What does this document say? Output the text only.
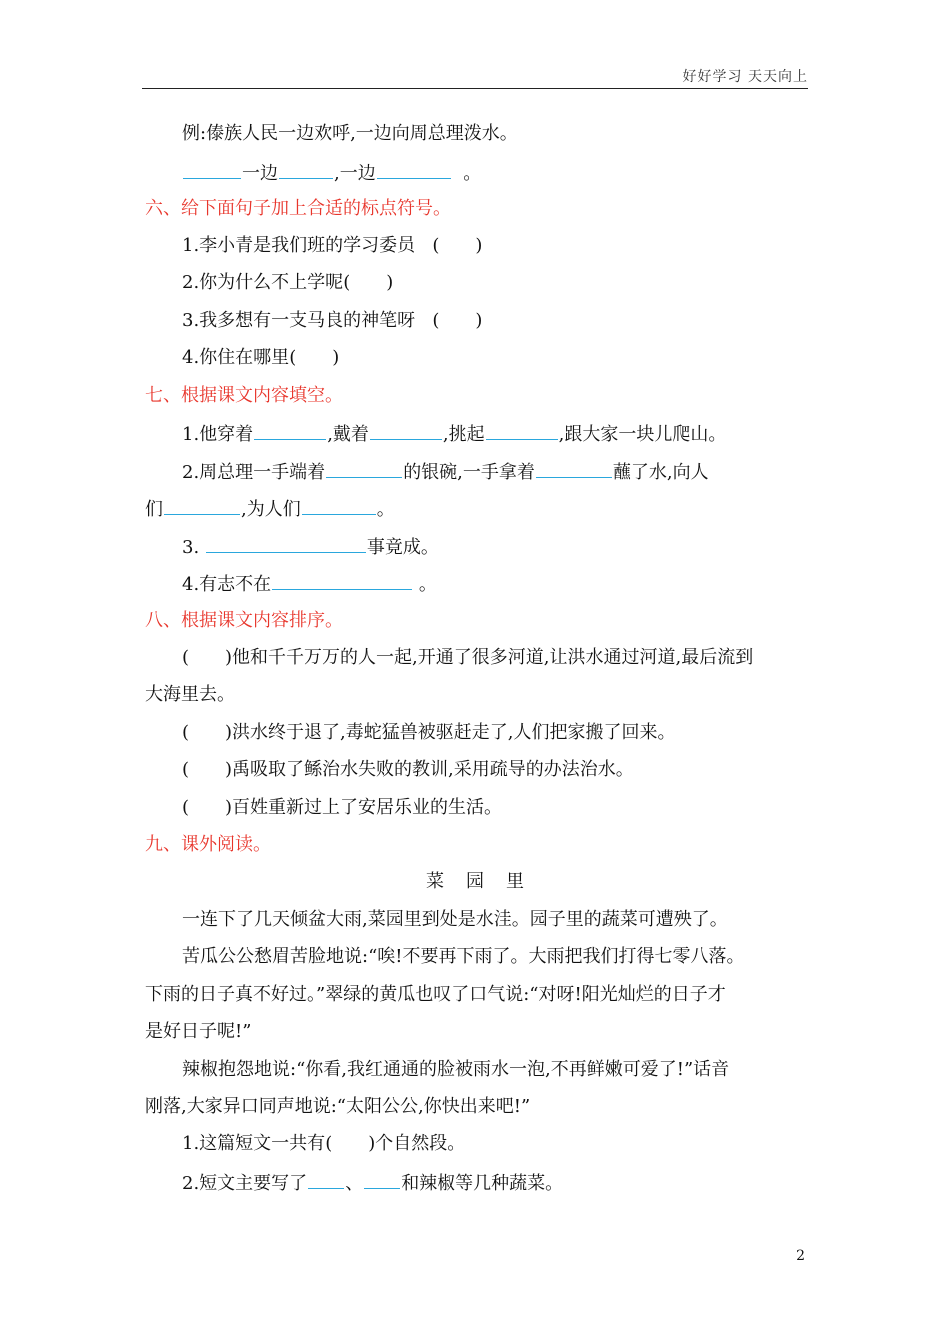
好好学习 天天向上
例:傣族人民一边欢呼,一边向周总理泼水。
一边	,一边	。
六、给下面句子加上合适的标点符号。
1.李小青是我们班的学习委员 (　　)
2.你为什么不上学呢(　　)
3.我多想有一支马良的神笔呀 (　　)
4.你住在哪里(　　)
七、根据课文内容填空。
1.他穿着	,戴着	,挑起	,跟大家一块儿爬山。
2.周总理一手端着	的银碗,一手拿着	蘸了水,向人
们	,为人们	。
3.	事竟成。
4.有志不在	。
八、根据课文内容排序。
(　　)他和千千万万的人一起,开通了很多河道,让洪水通过河道,最后流到
大海里去。
(　　)洪水终于退了,毒蛇猛兽被驱赶走了,人们把家搬了回来。
(　　)禹吸取了鲧治水失败的教训,采用疏导的办法治水。
(　　)百姓重新过上了安居乐业的生活。
九、课外阅读。
菜园里
一连下了几天倾盆大雨,菜园里到处是水洼。园子里的蔬菜可遭殃了。
苦瓜公公愁眉苦脸地说:“唉!不要再下雨了。大雨把我们打得七零八落。
下雨的日子真不好过。”翠绿的黄瓜也叹了口气说:“对呀!阳光灿烂的日子才
是好日子呢!”
辣椒抱怨地说:“你看,我红通通的脸被雨水一泡,不再鲜嫩可爱了!”话音
刚落,大家异口同声地说:“太阳公公,你快出来吧!”
1.这篇短文一共有(　　)个自然段。
2.短文主要写了 、 和辣椒等几种蔬菜。
2
